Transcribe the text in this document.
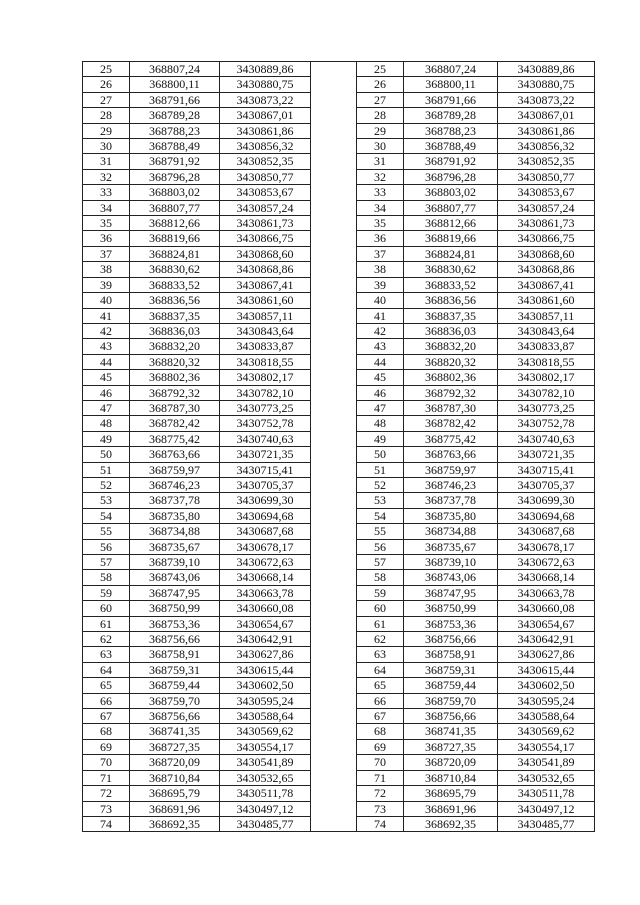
25	368807,24	3430889,86		25	368807,24	3430889,86
26	368800,11	3430880,75		26	368800,11	3430880,75
27	368791,66	3430873,22		27	368791,66	3430873,22
28	368789,28	3430867,01		28	368789,28	3430867,01
29	368788,23	3430861,86		29	368788,23	3430861,86
30	368788,49	3430856,32		30	368788,49	3430856,32
31	368791,92	3430852,35		31	368791,92	3430852,35
32	368796,28	3430850,77		32	368796,28	3430850,77
33	368803,02	3430853,67		33	368803,02	3430853,67
34	368807,77	3430857,24		34	368807,77	3430857,24
35	368812,66	3430861,73		35	368812,66	3430861,73
36	368819,66	3430866,75		36	368819,66	3430866,75
37	368824,81	3430868,60		37	368824,81	3430868,60
38	368830,62	3430868,86		38	368830,62	3430868,86
39	368833,52	3430867,41		39	368833,52	3430867,41
40	368836,56	3430861,60		40	368836,56	3430861,60
41	368837,35	3430857,11		41	368837,35	3430857,11
42	368836,03	3430843,64		42	368836,03	3430843,64
43	368832,20	3430833,87		43	368832,20	3430833,87
44	368820,32	3430818,55		44	368820,32	3430818,55
45	368802,36	3430802,17		45	368802,36	3430802,17
46	368792,32	3430782,10		46	368792,32	3430782,10
47	368787,30	3430773,25		47	368787,30	3430773,25
48	368782,42	3430752,78		48	368782,42	3430752,78
49	368775,42	3430740,63		49	368775,42	3430740,63
50	368763,66	3430721,35		50	368763,66	3430721,35
51	368759,97	3430715,41		51	368759,97	3430715,41
52	368746,23	3430705,37		52	368746,23	3430705,37
53	368737,78	3430699,30		53	368737,78	3430699,30
54	368735,80	3430694,68		54	368735,80	3430694,68
55	368734,88	3430687,68		55	368734,88	3430687,68
56	368735,67	3430678,17		56	368735,67	3430678,17
57	368739,10	3430672,63		57	368739,10	3430672,63
58	368743,06	3430668,14		58	368743,06	3430668,14
59	368747,95	3430663,78		59	368747,95	3430663,78
60	368750,99	3430660,08		60	368750,99	3430660,08
61	368753,36	3430654,67		61	368753,36	3430654,67
62	368756,66	3430642,91		62	368756,66	3430642,91
63	368758,91	3430627,86		63	368758,91	3430627,86
64	368759,31	3430615,44		64	368759,31	3430615,44
65	368759,44	3430602,50		65	368759,44	3430602,50
66	368759,70	3430595,24		66	368759,70	3430595,24
67	368756,66	3430588,64		67	368756,66	3430588,64
68	368741,35	3430569,62		68	368741,35	3430569,62
69	368727,35	3430554,17		69	368727,35	3430554,17
70	368720,09	3430541,89		70	368720,09	3430541,89
71	368710,84	3430532,65		71	368710,84	3430532,65
72	368695,79	3430511,78		72	368695,79	3430511,78
73	368691,96	3430497,12		73	368691,96	3430497,12
74	368692,35	3430485,77		74	368692,35	3430485,77
